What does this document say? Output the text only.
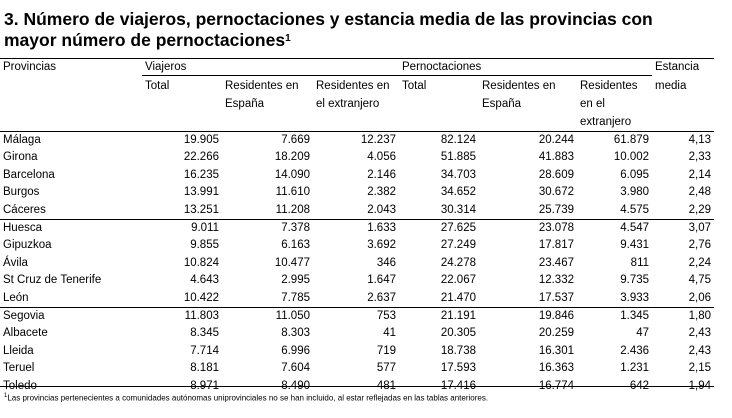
3. Número de viajeros, pernoctaciones y estancia media de las provincias con mayor número de pernoctaciones$^1$
Provincias	Viajeros			Pernoctaciones			Estancia
	Total	Residentes en España	Residentes en el extranjero	Total	Residentes en España	Residentes en el extranjero	media
Málaga	19.905	7.669	12.237	82.124	20.244	61.879	4,13
Girona	22.266	18.209	4.056	51.885	41.883	10.002	2,33
Barcelona	16.235	14.090	2.146	34.703	28.609	6.095	2,14
Burgos	13.991	11.610	2.382	34.652	30.672	3.980	2,48
Cáceres	13.251	11.208	2.043	30.314	25.739	4.575	2,29
Huesca	9.011	7.378	1.633	27.625	23.078	4.547	3,07
Gipuzkoa	9.855	6.163	3.692	27.249	17.817	9.431	2,76
Ávila	10.824	10.477	346	24.278	23.467	811	2,24
St Cruz de Tenerife	4.643	2.995	1.647	22.067	12.332	9.735	4,75
León	10.422	7.785	2.637	21.470	17.537	3.933	2,06
Segovia	11.803	11.050	753	21.191	19.846	1.345	1,80
Albacete	8.345	8.303	41	20.305	20.259	47	2,43
Lleida	7.714	6.996	719	18.738	16.301	2.436	2,43
Teruel	8.181	7.604	577	17.593	16.363	1.231	2,15
Toledo	8.971	8.490	481	17.416	16.774	642	1,94
$^1$Las provincias pertenecientes a comunidades autónomas uniprovinciales no se han incluido, al estar reflejadas en las tablas anteriores.
